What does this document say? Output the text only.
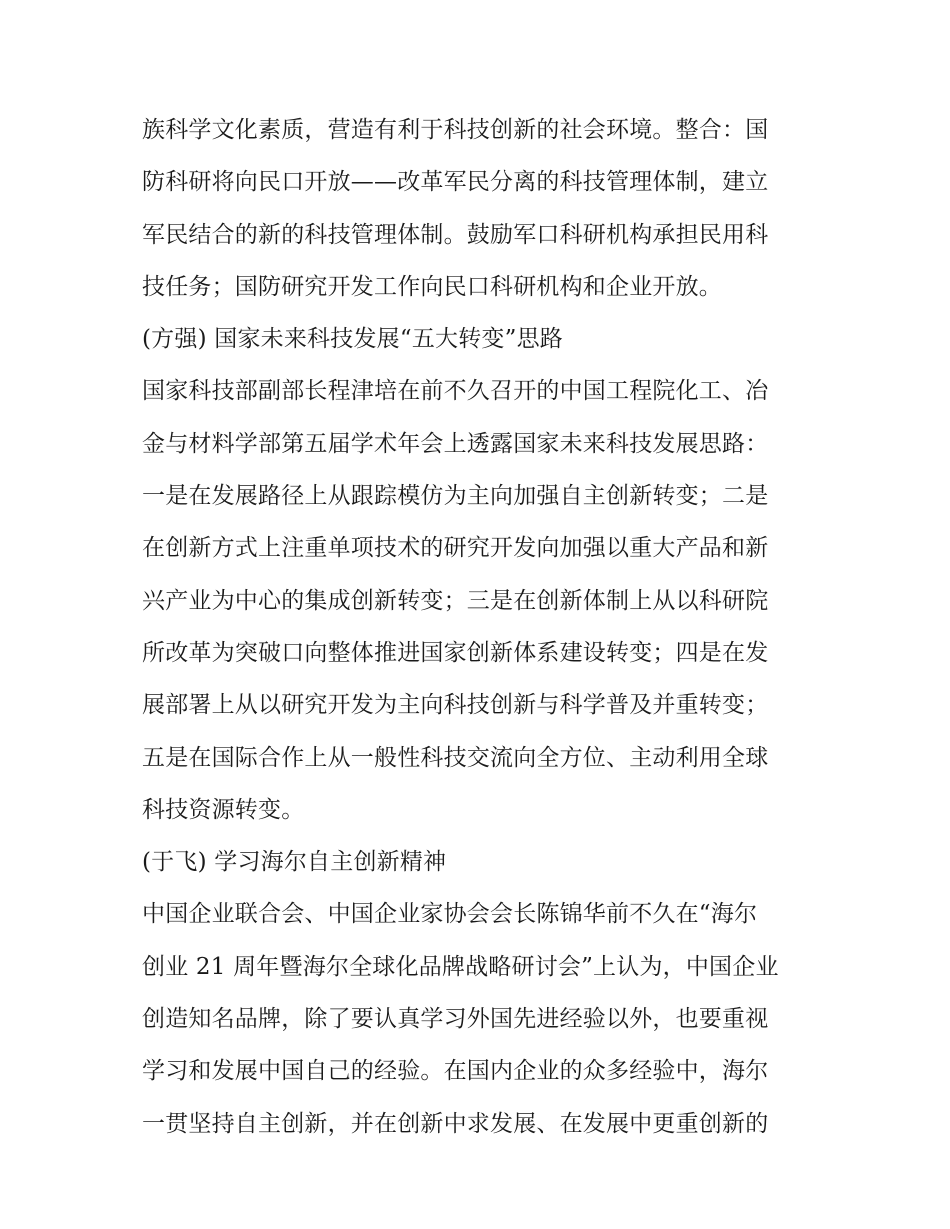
族科学文化素质，营造有利于科技创新的社会环境。整合：国
防科研将向民口开放——改革军民分离的科技管理体制，建立
军民结合的新的科技管理体制。鼓励军口科研机构承担民用科
技任务；国防研究开发工作向民口科研机构和企业开放。
(方强) 国家未来科技发展“五大转变”思路
国家科技部副部长程津培在前不久召开的中国工程院化工、冶
金与材料学部第五届学术年会上透露国家未来科技发展思路：
一是在发展路径上从跟踪模仿为主向加强自主创新转变；二是
在创新方式上注重单项技术的研究开发向加强以重大产品和新
兴产业为中心的集成创新转变；三是在创新体制上从以科研院
所改革为突破口向整体推进国家创新体系建设转变；四是在发
展部署上从以研究开发为主向科技创新与科学普及并重转变；
五是在国际合作上从一般性科技交流向全方位、主动利用全球
科技资源转变。
(于飞) 学习海尔自主创新精神
中国企业联合会、中国企业家协会会长陈锦华前不久在“海尔
创业 21 周年暨海尔全球化品牌战略研讨会”上认为，中国企业
创造知名品牌，除了要认真学习外国先进经验以外，也要重视
学习和发展中国自己的经验。在国内企业的众多经验中，海尔
一贯坚持自主创新，并在创新中求发展、在发展中更重创新的
